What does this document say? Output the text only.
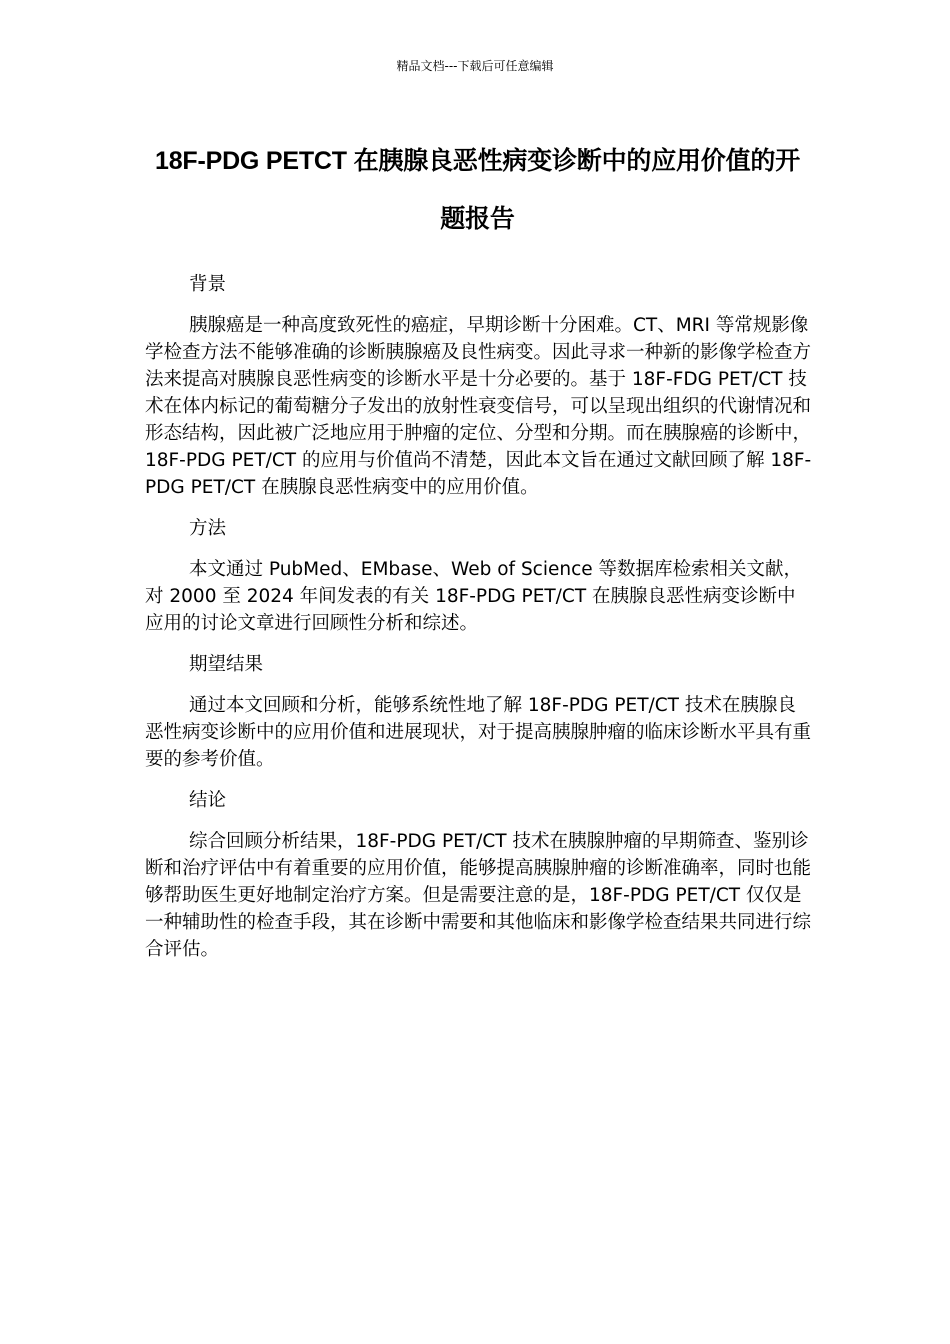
精品文档---下载后可任意编辑
18F-PDG PETCT 在胰腺良恶性病变诊断中的应用价值的开题报告

背景

胰腺癌是一种高度致死性的癌症，早期诊断十分困难。CT、MRI 等常规影像学检查方法不能够准确的诊断胰腺癌及良性病变。因此寻求一种新的影像学检查方法来提高对胰腺良恶性病变的诊断水平是十分必要的。基于 18F-FDG PET/CT 技术在体内标记的葡萄糖分子发出的放射性衰变信号，可以呈现出组织的代谢情况和形态结构，因此被广泛地应用于肿瘤的定位、分型和分期。而在胰腺癌的诊断中，18F-PDG PET/CT 的应用与价值尚不清楚，因此本文旨在通过文献回顾了解 18F-PDG PET/CT 在胰腺良恶性病变中的应用价值。

方法

本文通过 PubMed、EMbase、Web of Science 等数据库检索相关文献，对 2000 至 2024 年间发表的有关 18F-PDG PET/CT 在胰腺良恶性病变诊断中应用的讨论文章进行回顾性分析和综述。

期望结果

通过本文回顾和分析，能够系统性地了解 18F-PDG PET/CT 技术在胰腺良恶性病变诊断中的应用价值和进展现状，对于提高胰腺肿瘤的临床诊断水平具有重要的参考价值。

结论

综合回顾分析结果，18F-PDG PET/CT 技术在胰腺肿瘤的早期筛查、鉴别诊断和治疗评估中有着重要的应用价值，能够提高胰腺肿瘤的诊断准确率，同时也能够帮助医生更好地制定治疗方案。但是需要注意的是，18F-PDG PET/CT 仅仅是一种辅助性的检查手段，其在诊断中需要和其他临床和影像学检查结果共同进行综合评估。
